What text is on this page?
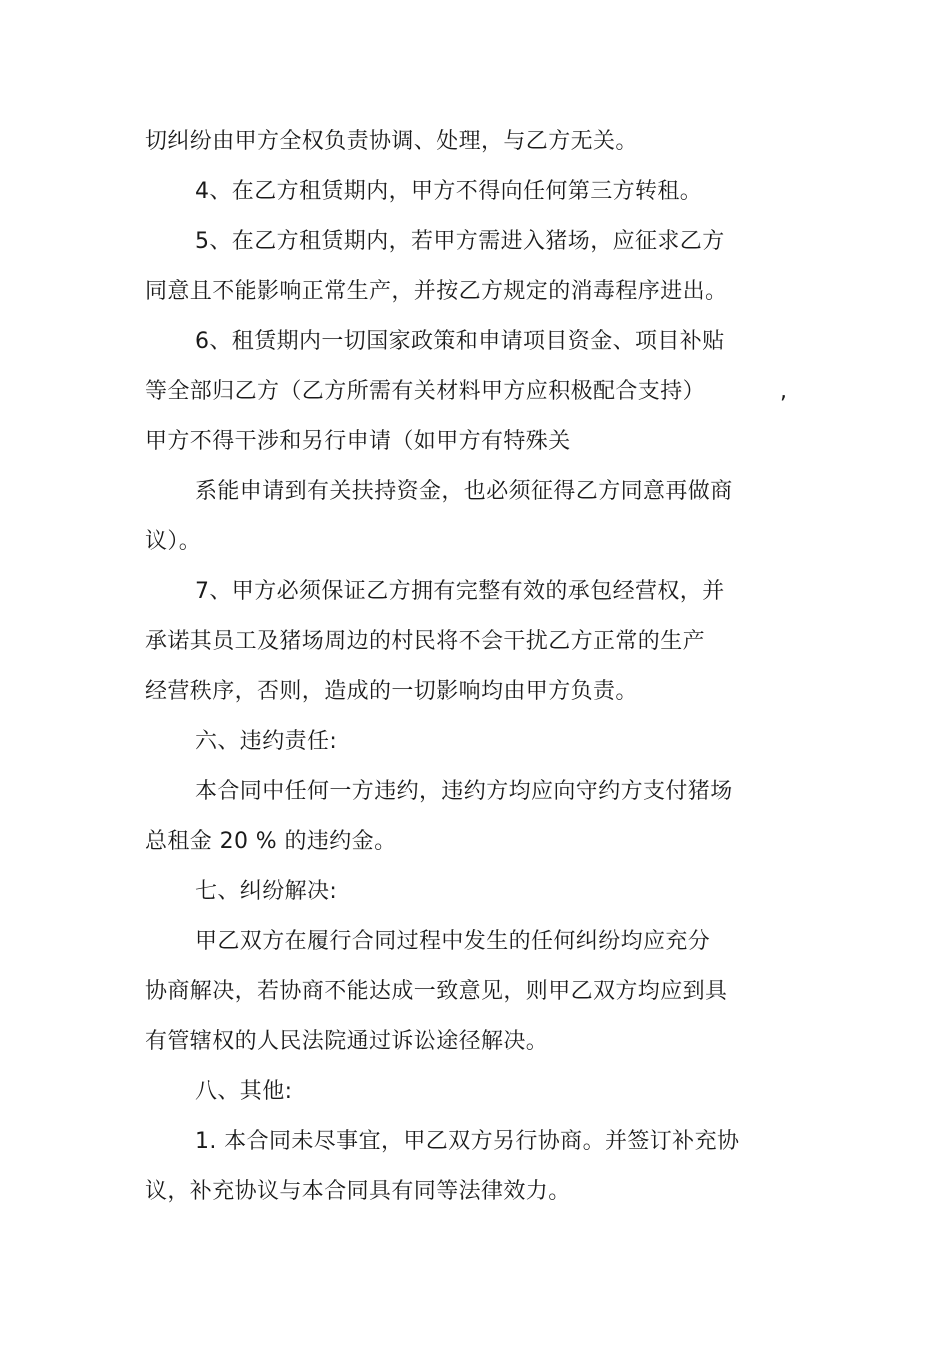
切纠纷由甲方全权负责协调、处理，与乙方无关。

4、在乙方租赁期内，甲方不得向任何第三方转租。

5、在乙方租赁期内，若甲方需进入猪场，应征求乙方

同意且不能影响正常生产，并按乙方规定的消毒程序进出。

6、租赁期内一切国家政策和申请项目资金、项目补贴

等全部归乙方（乙方所需有关材料甲方应积极配合支持）	,

甲方不得干涉和另行申请（如甲方有特殊关

系能申请到有关扶持资金，也必须征得乙方同意再做商

议）。

7、甲方必须保证乙方拥有完整有效的承包经营权，并

承诺其员工及猪场周边的村民将不会干扰乙方正常的生产

经营秩序，否则，造成的一切影响均由甲方负责。

六、违约责任:

本合同中任何一方违约，违约方均应向守约方支付猪场

总租金 20 % 的违约金。

七、纠纷解决:

甲乙双方在履行合同过程中发生的任何纠纷均应充分

协商解决，若协商不能达成一致意见，则甲乙双方均应到具

有管辖权的人民法院通过诉讼途径解决。

八、其他:

1. 本合同未尽事宜，甲乙双方另行协商。并签订补充协

议，补充协议与本合同具有同等法律效力。
